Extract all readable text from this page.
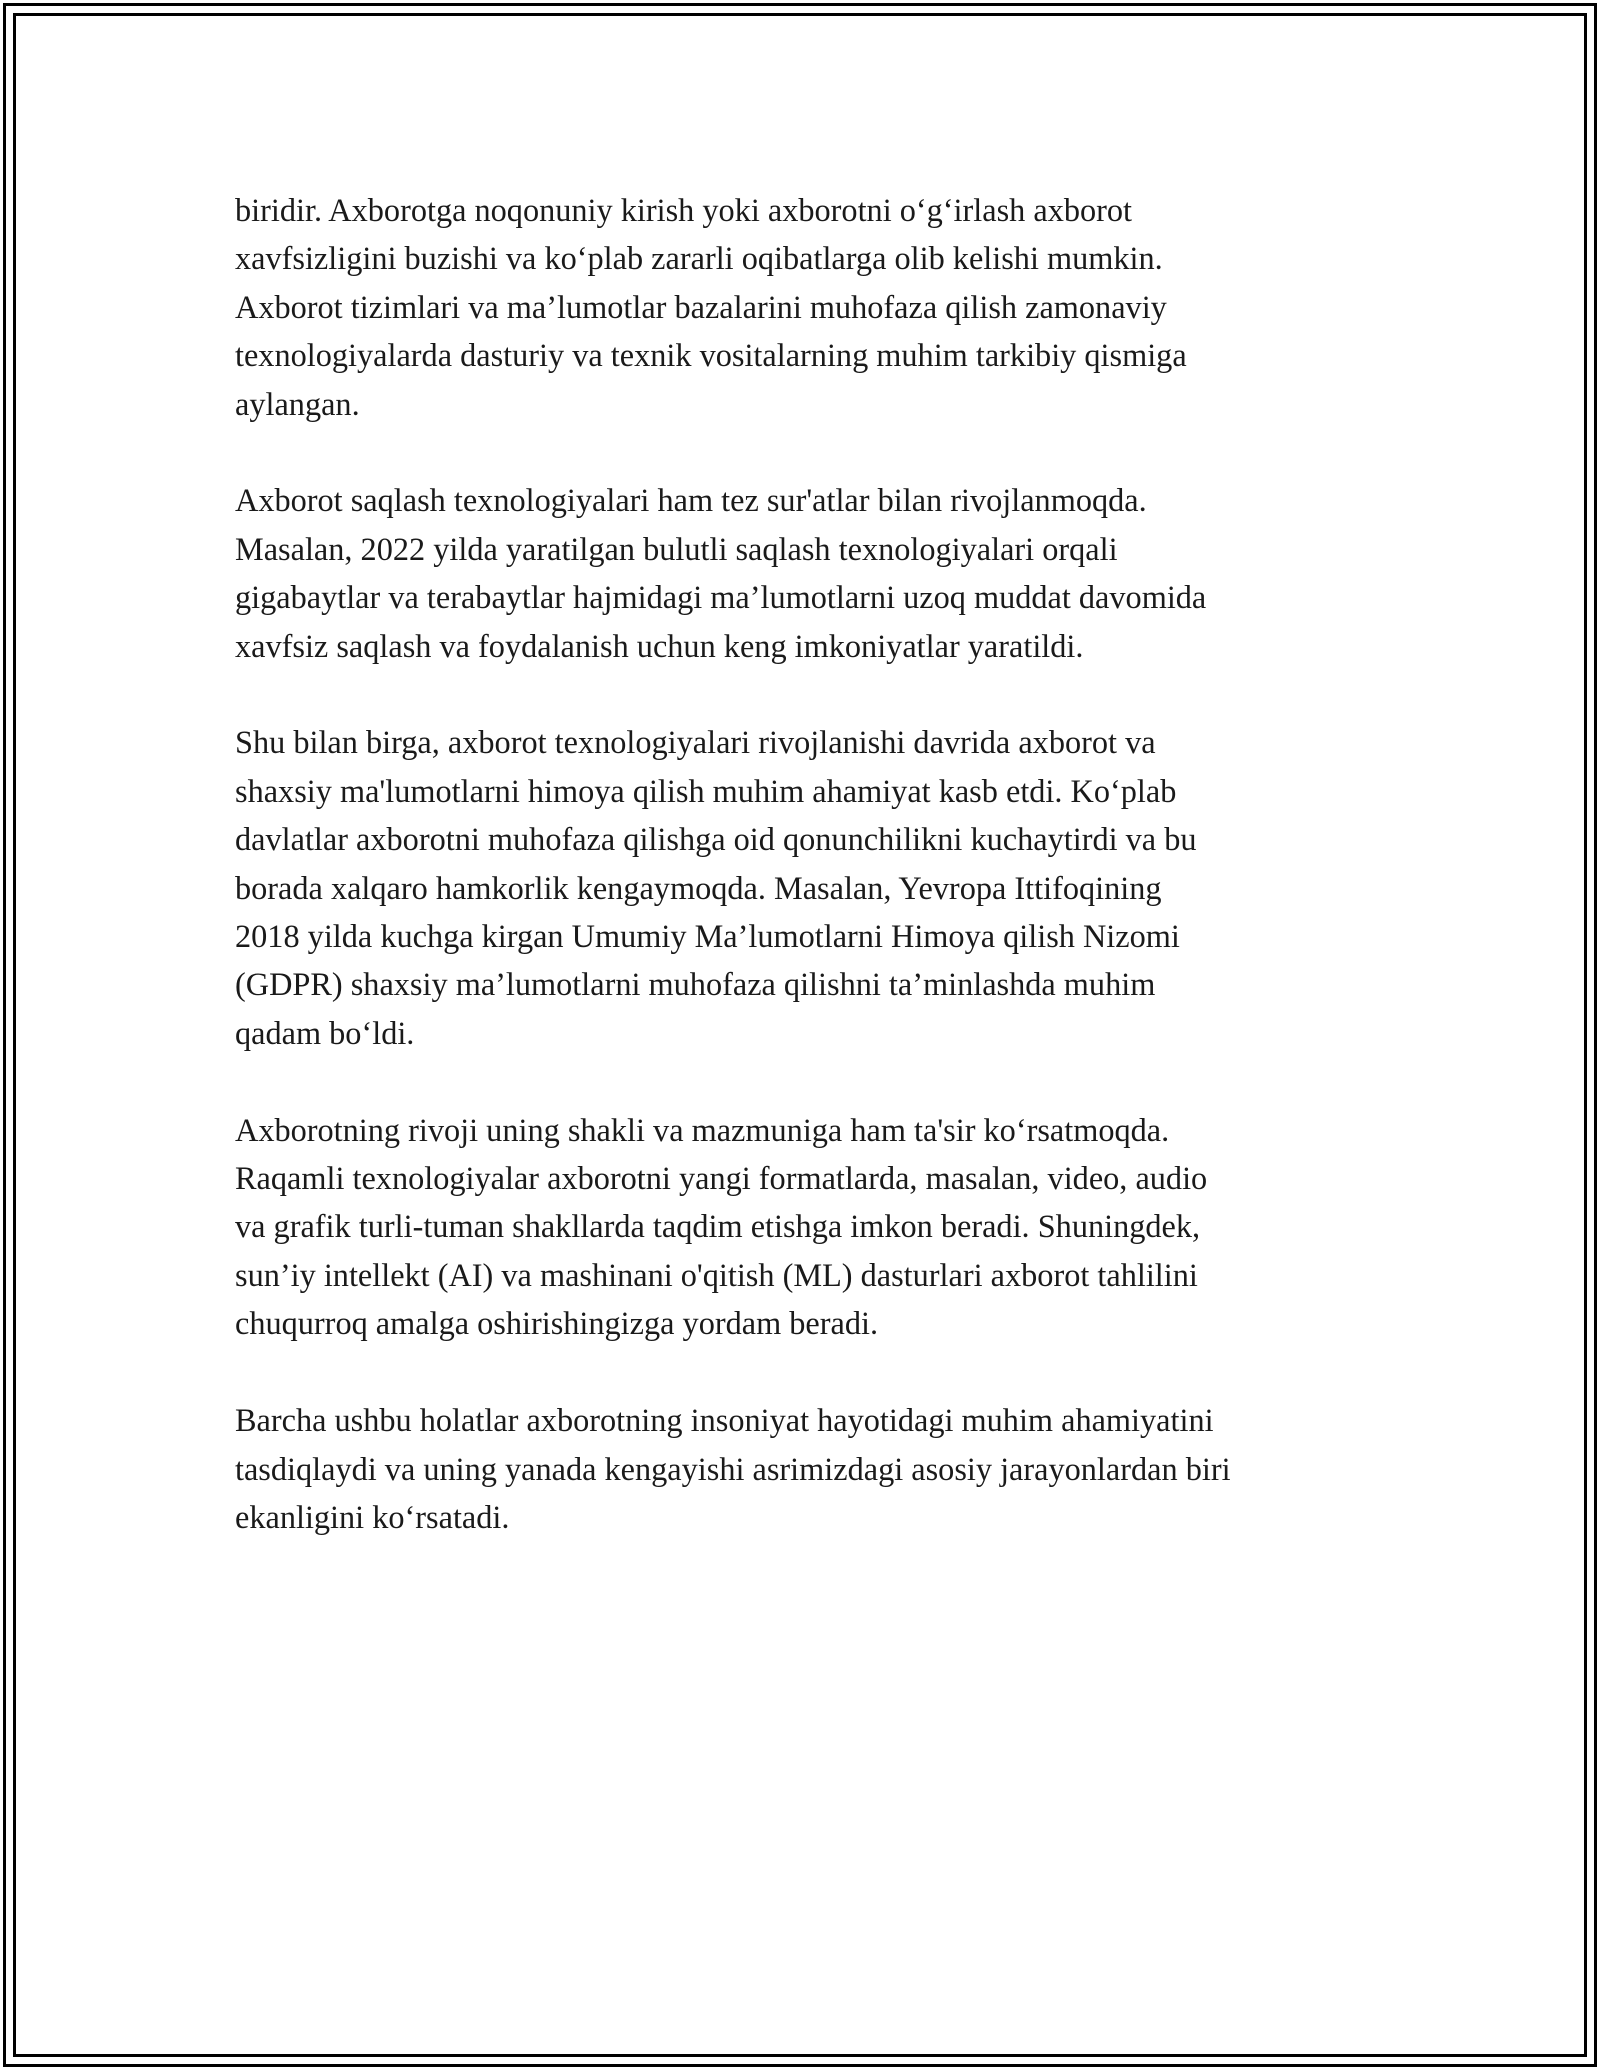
biridir. Axborotga noqonuniy kirish yoki axborotni o‘g‘irlash axborot
xavfsizligini buzishi va ko‘plab zararli oqibatlarga olib kelishi mumkin.
Axborot tizimlari va ma’lumotlar bazalarini muhofaza qilish zamonaviy
texnologiyalarda dasturiy va texnik vositalarning muhim tarkibiy qismiga
aylangan.

Axborot saqlash texnologiyalari ham tez sur'atlar bilan rivojlanmoqda.
Masalan, 2022 yilda yaratilgan bulutli saqlash texnologiyalari orqali
gigabaytlar va terabaytlar hajmidagi ma’lumotlarni uzoq muddat davomida
xavfsiz saqlash va foydalanish uchun keng imkoniyatlar yaratildi.

Shu bilan birga, axborot texnologiyalari rivojlanishi davrida axborot va
shaxsiy ma'lumotlarni himoya qilish muhim ahamiyat kasb etdi. Ko‘plab
davlatlar axborotni muhofaza qilishga oid qonunchilikni kuchaytirdi va bu
borada xalqaro hamkorlik kengaymoqda. Masalan, Yevropa Ittifoqining
2018 yilda kuchga kirgan Umumiy Ma’lumotlarni Himoya qilish Nizomi
(GDPR) shaxsiy ma’lumotlarni muhofaza qilishni ta’minlashda muhim
qadam bo‘ldi.

Axborotning rivoji uning shakli va mazmuniga ham ta'sir ko‘rsatmoqda.
Raqamli texnologiyalar axborotni yangi formatlarda, masalan, video, audio
va grafik turli-tuman shakllarda taqdim etishga imkon beradi. Shuningdek,
sun’iy intellekt (AI) va mashinani o'qitish (ML) dasturlari axborot tahlilini
chuqurroq amalga oshirishingizga yordam beradi.

Barcha ushbu holatlar axborotning insoniyat hayotidagi muhim ahamiyatini
tasdiqlaydi va uning yanada kengayishi asrimizdagi asosiy jarayonlardan biri
ekanligini ko‘rsatadi.
